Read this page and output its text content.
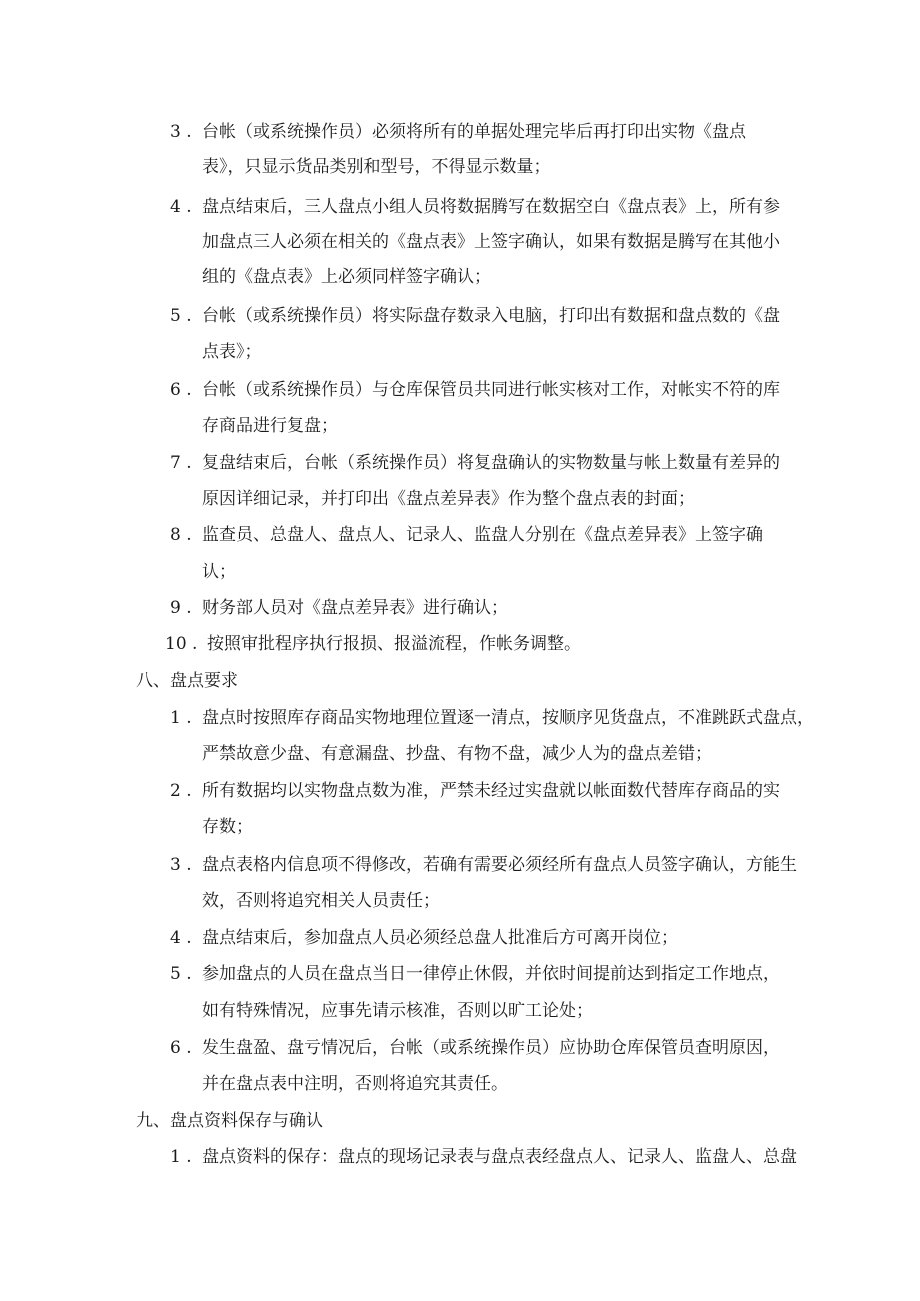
3 . 台帐（或系统操作员）必须将所有的单据处理完毕后再打印出实物《盘点
表》，只显示货品类别和型号，不得显示数量；
4 . 盘点结束后，三人盘点小组人员将数据腾写在数据空白《盘点表》上，所有参
加盘点三人必须在相关的《盘点表》上签字确认，如果有数据是腾写在其他小
组的《盘点表》上必须同样签字确认；
5 . 台帐（或系统操作员）将实际盘存数录入电脑，打印出有数据和盘点数的《盘
点表》；
6 . 台帐（或系统操作员）与仓库保管员共同进行帐实核对工作，对帐实不符的库
存商品进行复盘；
7 . 复盘结束后，台帐（系统操作员）将复盘确认的实物数量与帐上数量有差异的
原因详细记录，并打印出《盘点差异表》作为整个盘点表的封面；
8 . 监查员、总盘人、盘点人、记录人、监盘人分别在《盘点差异表》上签字确
认；
9 . 财务部人员对《盘点差异表》进行确认；
10 . 按照审批程序执行报损、报溢流程，作帐务调整。
八、盘点要求
1 . 盘点时按照库存商品实物地理位置逐一清点，按顺序见货盘点，不准跳跃式盘点，
严禁故意少盘、有意漏盘、抄盘、有物不盘，减少人为的盘点差错；
2 . 所有数据均以实物盘点数为准，严禁未经过实盘就以帐面数代替库存商品的实
存数；
3 . 盘点表格内信息项不得修改，若确有需要必须经所有盘点人员签字确认，方能生
效，否则将追究相关人员责任；
4 . 盘点结束后，参加盘点人员必须经总盘人批准后方可离开岗位；
5 . 参加盘点的人员在盘点当日一律停止休假，并依时间提前达到指定工作地点，
如有特殊情况，应事先请示核准，否则以旷工论处；
6 . 发生盘盈、盘亏情况后，台帐（或系统操作员）应协助仓库保管员查明原因，
并在盘点表中注明，否则将追究其责任。
九、盘点资料保存与确认
1 . 盘点资料的保存：盘点的现场记录表与盘点表经盘点人、记录人、监盘人、总盘
